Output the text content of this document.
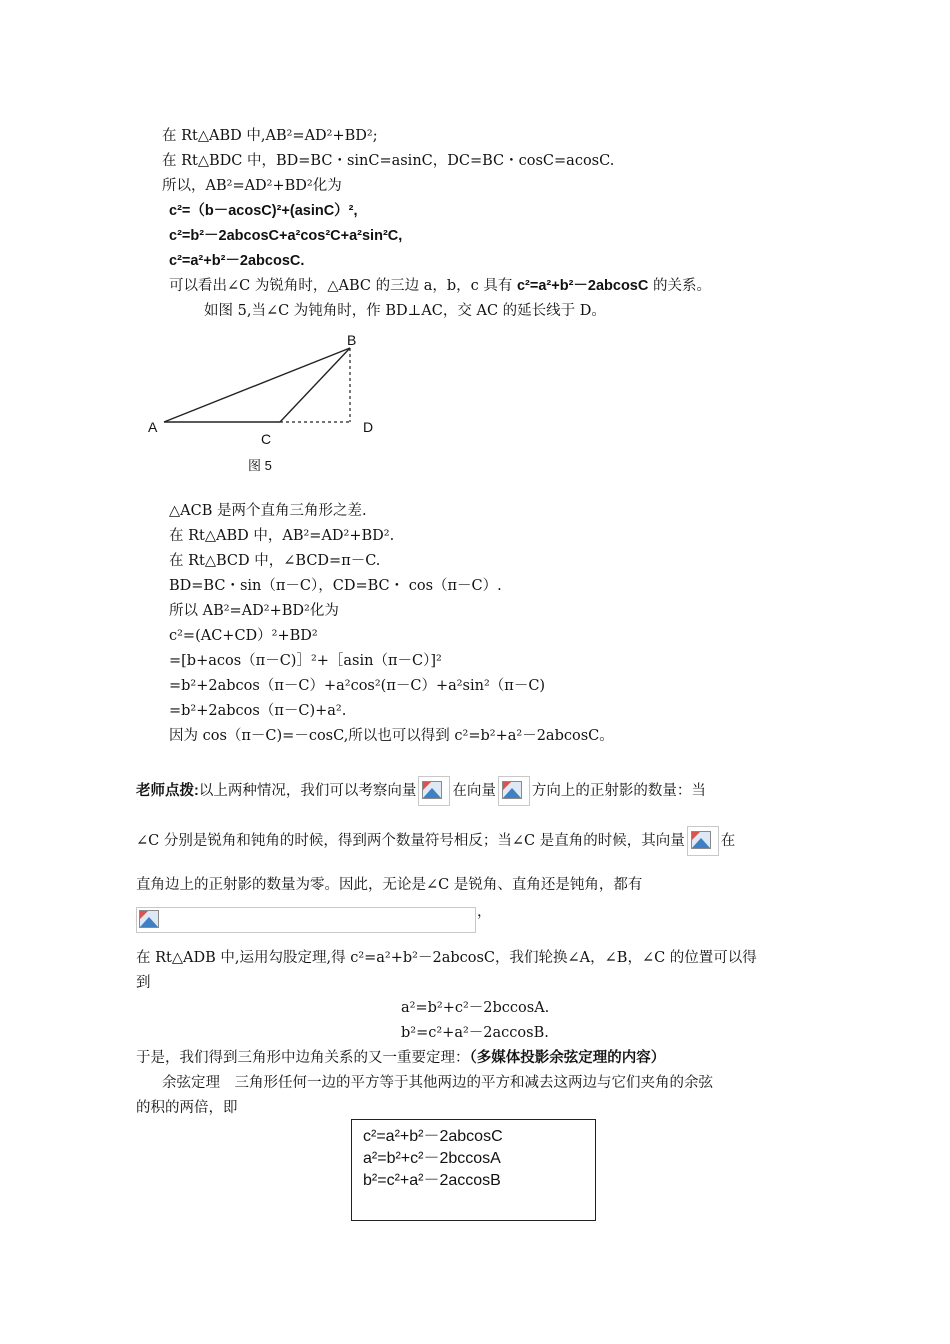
在 Rt△ABD 中,AB²=AD²+BD²;
在 Rt△BDC 中，BD=BC・sinC=asinC，DC=BC・cosC=acosC.
所以，AB²=AD²+BD²化为
c²=（b－acosC)²+(asinC）²,
c²=b²－2abcosC+a²cos²C+a²sin²C,
c²=a²+b²－2abcosC.
可以看出∠C 为锐角时，△ABC 的三边 a，b，c 具有 c²=a²+b²－2abcosC 的关系。
如图 5,当∠C 为钝角时，作 BD⊥AC，交 AC 的延长线于 D。
B
A
C
D
图 5
△ACB 是两个直角三角形之差.
在 Rt△ABD 中，AB²=AD²+BD².
在 Rt△BCD 中，∠BCD=π－C.
BD=BC・sin（π－C），CD=BC・ cos（π－C）.
所以 AB²=AD²+BD²化为
c²=(AC+CD）²+BD²
=[b+acos（π－C)］²+［asin（π－C）]²
=b²+2abcos（π－C）+a²cos²(π－C）+a²sin²（π－C)
=b²+2abcos（π－C)+a².
因为 cos（π－C)=－cosC,所以也可以得到 c²=b²+a²－2abcosC。
老师点拨:以上两种情况，我们可以考察向量 在向量 方向上的正射影的数量：当
∠C 分别是锐角和钝角的时候，得到两个数量符号相反；当∠C 是直角的时候，其向量 在
直角边上的正射影的数量为零。因此，无论是∠C 是锐角、直角还是钝角，都有
，
在 Rt△ADB 中,运用勾股定理,得 c²=a²+b²－2abcosC，我们轮换∠A，∠B，∠C 的位置可以得
到
a²=b²+c²－2bccosA.
b²=c²+a²－2accosB.
于是，我们得到三角形中边角关系的又一重要定理：（多媒体投影余弦定理的内容）
余弦定理　三角形任何一边的平方等于其他两边的平方和减去这两边与它们夹角的余弦
的积的两倍，即
c²=a²+b²－2abcosC
a²=b²+c²－2bccosA
b²=c²+a²－2accosB
